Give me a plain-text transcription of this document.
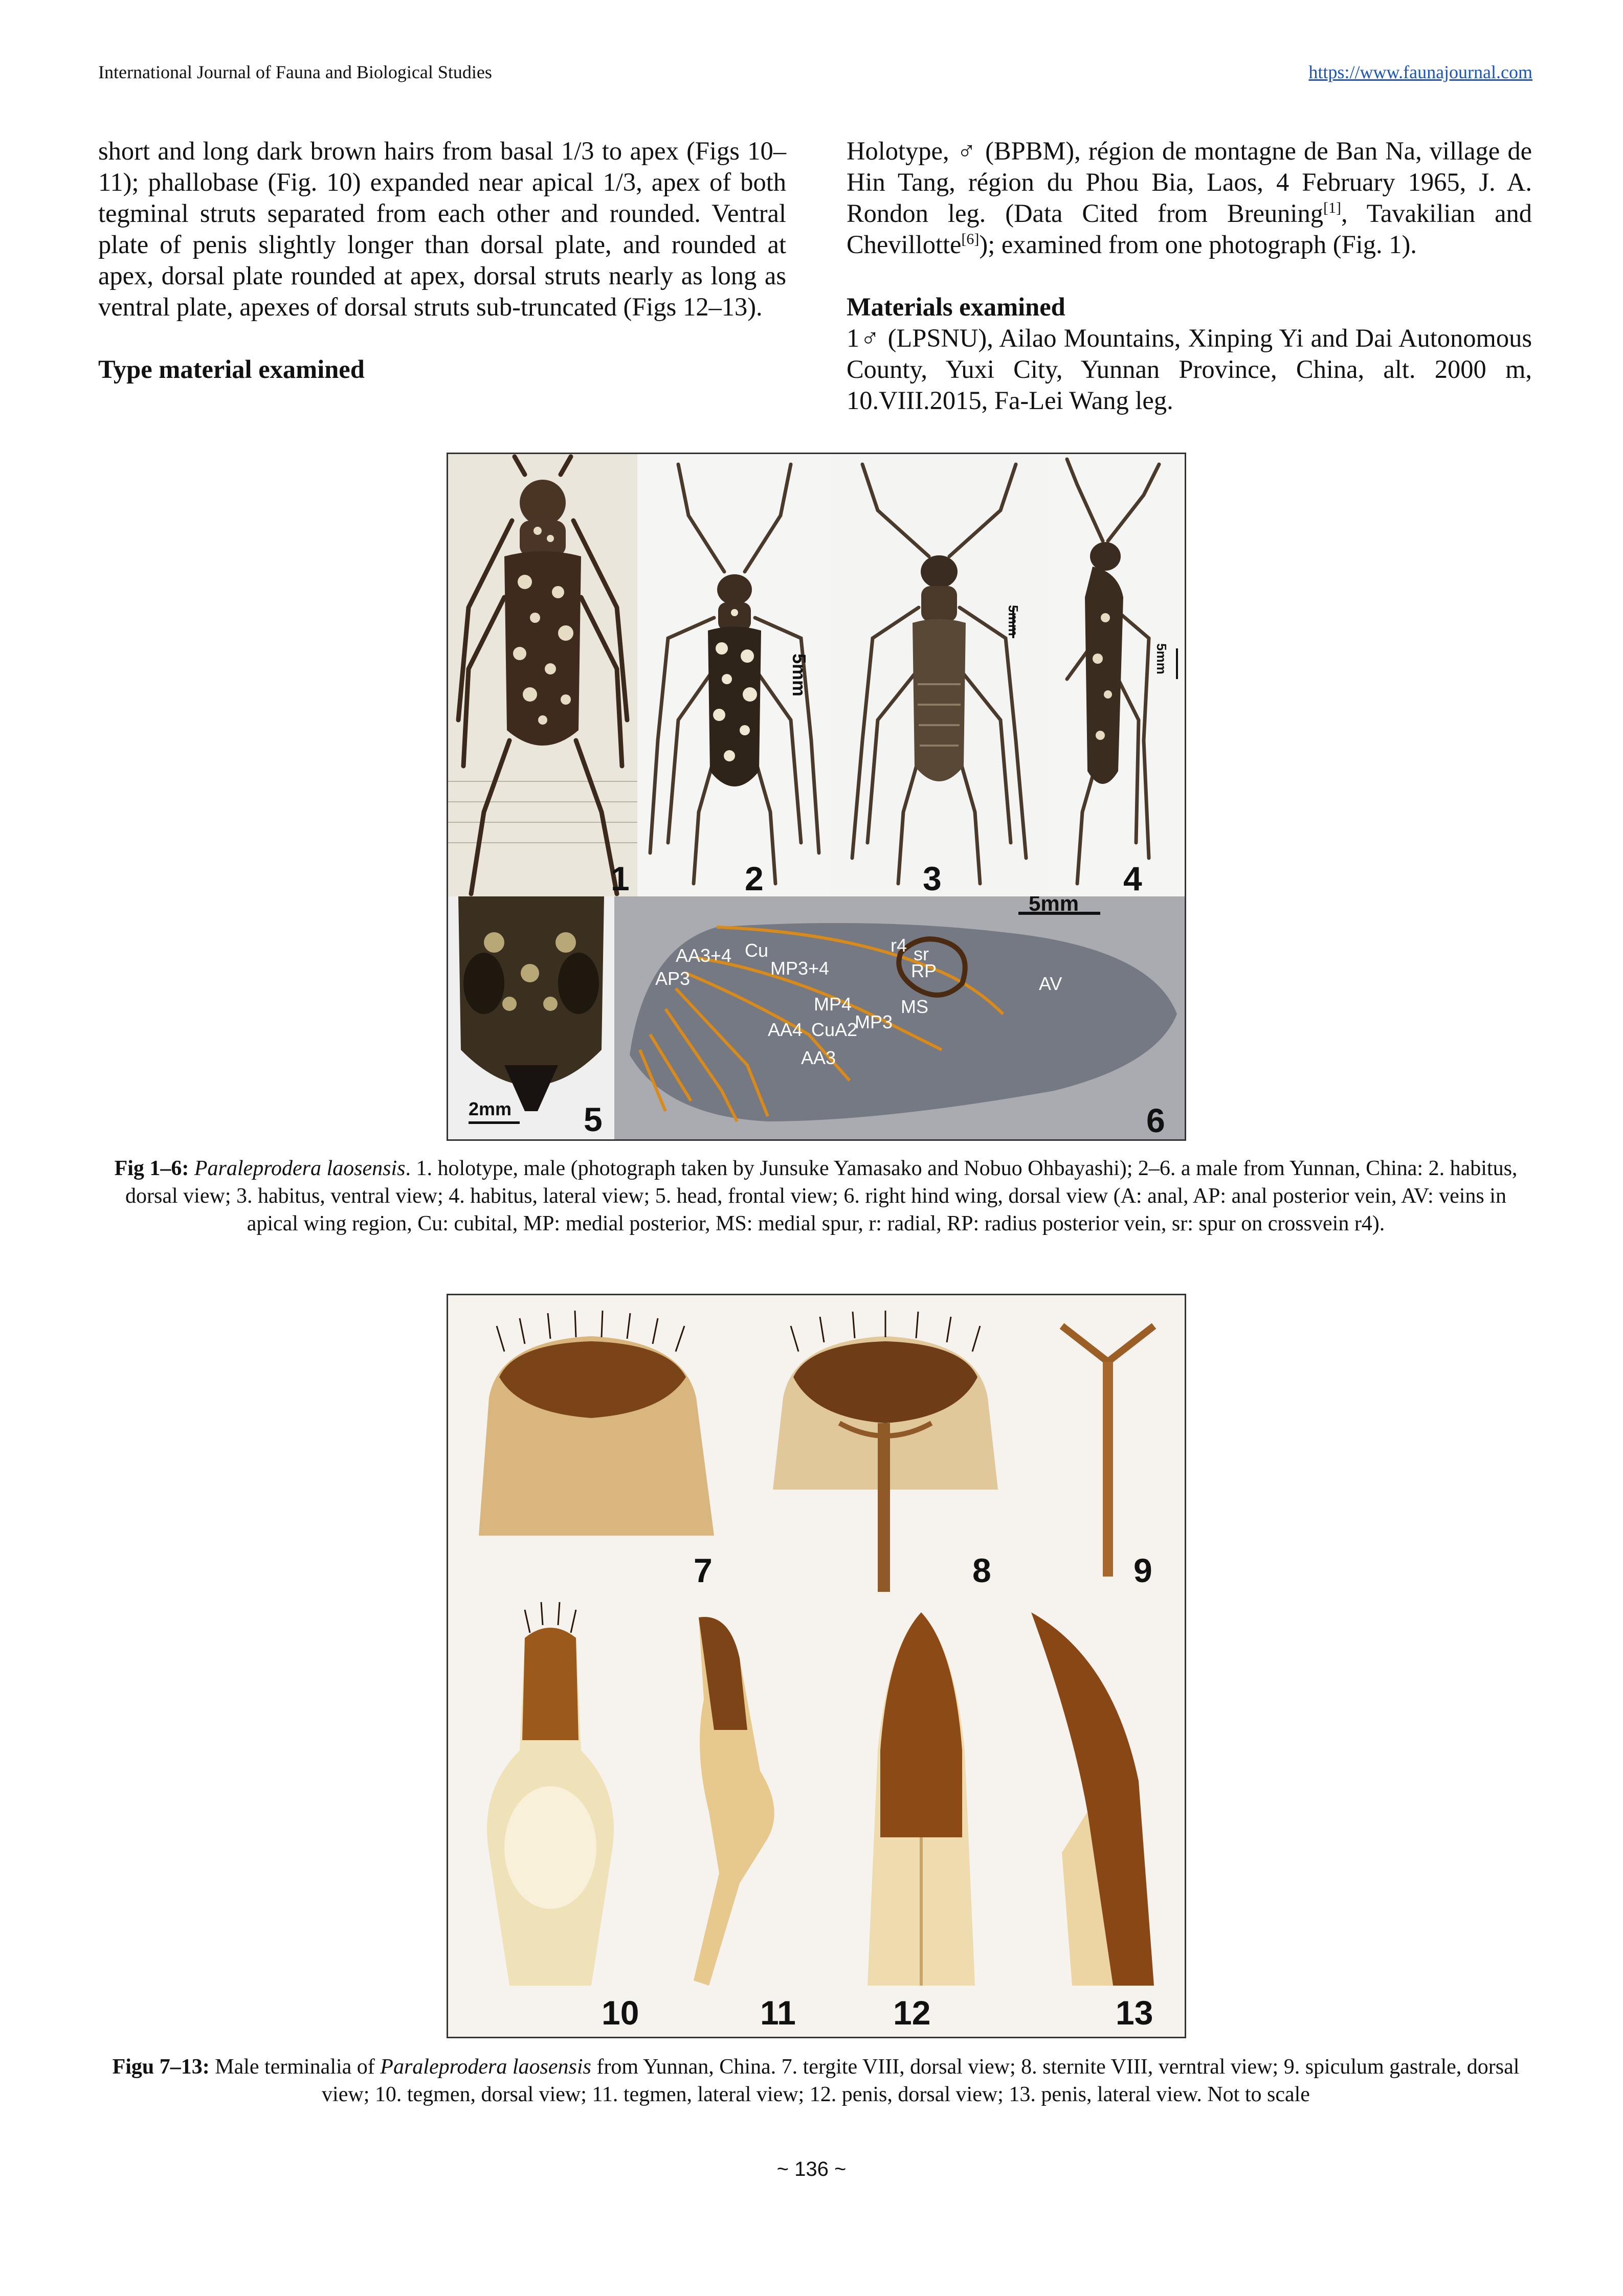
International Journal of Fauna and Biological Studies	https://www.faunajournal.com

short and long dark brown hairs from basal 1/3 to apex (Figs 10–11); phallobase (Fig. 10) expanded near apical 1/3, apex of both tegminal struts separated from each other and rounded. Ventral plate of penis slightly longer than dorsal plate, and rounded at apex, dorsal plate rounded at apex, dorsal struts nearly as long as ventral plate, apexes of dorsal struts sub-truncated (Figs 12–13).

Type material examined

Holotype, ♂ (BPBM), région de montagne de Ban Na, village de Hin Tang, région du Phou Bia, Laos, 4 February 1965, J. A. Rondon leg. (Data Cited from Breuning[1], Tavakilian and Chevillotte[6]); examined from one photograph (Fig. 1).

Materials examined

1♂ (LPSNU), Ailao Mountains, Xinping Yi and Dai Autonomous County, Yuxi City, Yunnan Province, China, alt. 2000 m, 10.VIII.2015, Fa-Lei Wang leg.

1
5mm
2
5mm
3
5mm
4
2mm 5
5mm
AA3+4 Cu
AP3	MP3+4
r4 sr
RP
AV
MP4	MS
AA4 CuA2
MP3
AA3
6
Fig 1–6: Paraleprodera laosensis. 1. holotype, male (photograph taken by Junsuke Yamasako and Nobuo Ohbayashi); 2–6. a male from Yunnan, China: 2. habitus, dorsal view; 3. habitus, ventral view; 4. habitus, lateral view; 5. head, frontal view; 6. right hind wing, dorsal view (A: anal, AP: anal posterior vein, AV: veins in apical wing region, Cu: cubital, MP: medial posterior, MS: medial spur, r: radial, RP: radius posterior vein, sr: spur on crossvein r4).
7	8	9
10	11	12	13
Figu 7–13: Male terminalia of Paraleprodera laosensis from Yunnan, China. 7. tergite VIII, dorsal view; 8. sternite VIII, verntral view; 9. spiculum gastrale, dorsal view; 10. tegmen, dorsal view; 11. tegmen, lateral view; 12. penis, dorsal view; 13. penis, lateral view. Not to scale
~ 136 ~
